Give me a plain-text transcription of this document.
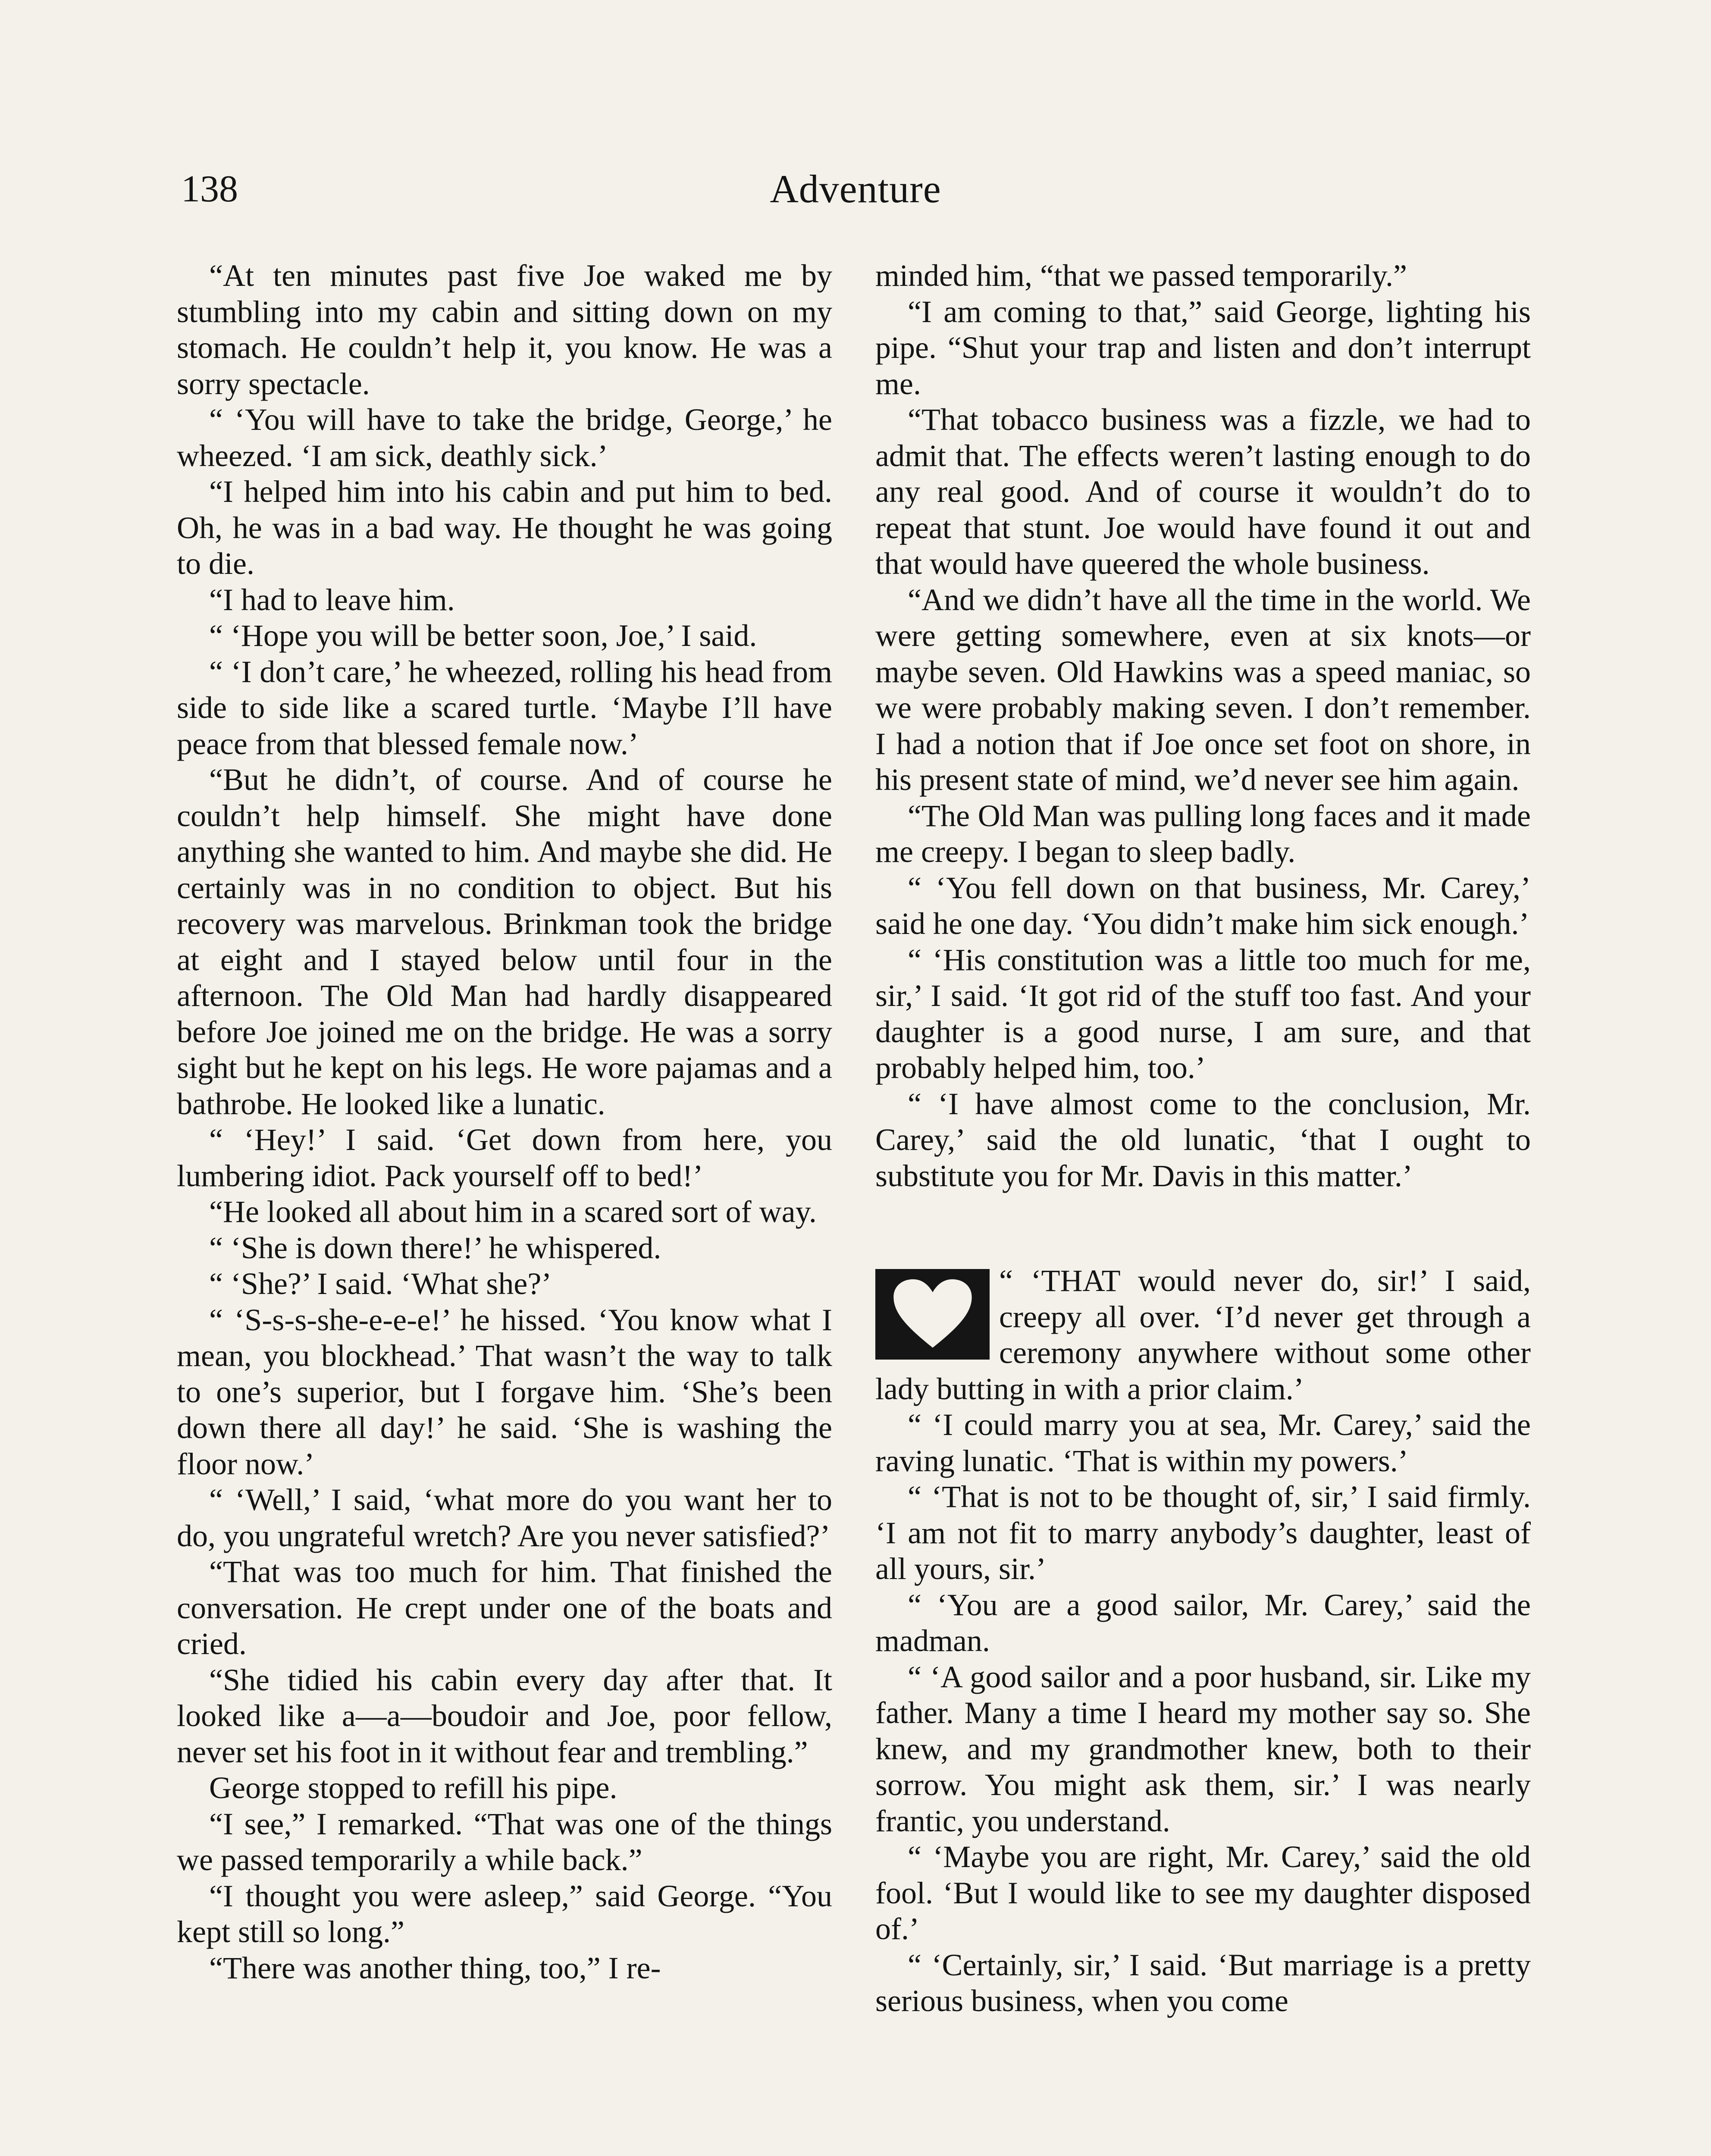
138	Adventure

“At ten minutes past five Joe waked me by stumbling into my cabin and sitting down on my stomach. He couldn’t help it, you know. He was a sorry spectacle.

“ ‘You will have to take the bridge, George,’ he wheezed. ‘I am sick, deathly sick.’

“I helped him into his cabin and put him to bed. Oh, he was in a bad way. He thought he was going to die.

“I had to leave him.

“ ‘Hope you will be better soon, Joe,’ I said.

“ ‘I don’t care,’ he wheezed, rolling his head from side to side like a scared turtle. ‘Maybe I’ll have peace from that blessed female now.’

“But he didn’t, of course. And of course he couldn’t help himself. She might have done anything she wanted to him. And maybe she did. He certainly was in no condition to object. But his recovery was marvelous. Brinkman took the bridge at eight and I stayed below until four in the afternoon. The Old Man had hardly disappeared before Joe joined me on the bridge. He was a sorry sight but he kept on his legs. He wore pajamas and a bathrobe. He looked like a lunatic.

“ ‘Hey!’ I said. ‘Get down from here, you lumbering idiot. Pack yourself off to bed!’

“He looked all about him in a scared sort of way.

“ ‘She is down there!’ he whispered.

“ ‘She?’ I said. ‘What she?’

“ ‘S-s-s-she-e-e-e!’ he hissed. ‘You know what I mean, you blockhead.’ That wasn’t the way to talk to one’s superior, but I forgave him. ‘She’s been down there all day!’ he said. ‘She is washing the floor now.’

“ ‘Well,’ I said, ‘what more do you want her to do, you ungrateful wretch? Are you never satisfied?’

“That was too much for him. That finished the conversation. He crept under one of the boats and cried.

“She tidied his cabin every day after that. It looked like a—a—boudoir and Joe, poor fellow, never set his foot in it without fear and trembling.”

George stopped to refill his pipe.

“I see,” I remarked. “That was one of the things we passed temporarily a while back.”

“I thought you were asleep,” said George. “You kept still so long.”

“There was another thing, too,” I re-

minded him, “that we passed temporarily.”

“I am coming to that,” said George, lighting his pipe. “Shut your trap and listen and don’t interrupt me.

“That tobacco business was a fizzle, we had to admit that. The effects weren’t lasting enough to do any real good. And of course it wouldn’t do to repeat that stunt. Joe would have found it out and that would have queered the whole business.

“And we didn’t have all the time in the world. We were getting somewhere, even at six knots—or maybe seven. Old Hawkins was a speed maniac, so we were probably making seven. I don’t remember. I had a notion that if Joe once set foot on shore, in his present state of mind, we’d never see him again.

“The Old Man was pulling long faces and it made me creepy. I began to sleep badly.

“ ‘You fell down on that business, Mr. Carey,’ said he one day. ‘You didn’t make him sick enough.’

“ ‘His constitution was a little too much for me, sir,’ I said. ‘It got rid of the stuff too fast. And your daughter is a good nurse, I am sure, and that probably helped him, too.’

“ ‘I have almost come to the conclusion, Mr. Carey,’ said the old lunatic, ‘that I ought to substitute you for Mr. Davis in this matter.’

“ ‘THAT would never do, sir!’ I said, creepy all over. ‘I’d never get through a ceremony anywhere without some other lady butting in with a prior claim.’

“ ‘I could marry you at sea, Mr. Carey,’ said the raving lunatic. ‘That is within my powers.’

“ ‘That is not to be thought of, sir,’ I said firmly. ‘I am not fit to marry anybody’s daughter, least of all yours, sir.’

“ ‘You are a good sailor, Mr. Carey,’ said the madman.

“ ‘A good sailor and a poor husband, sir. Like my father. Many a time I heard my mother say so. She knew, and my grandmother knew, both to their sorrow. You might ask them, sir.’ I was nearly frantic, you understand.

“ ‘Maybe you are right, Mr. Carey,’ said the old fool. ‘But I would like to see my daughter disposed of.’

“ ‘Certainly, sir,’ I said. ‘But marriage is a pretty serious business, when you come
